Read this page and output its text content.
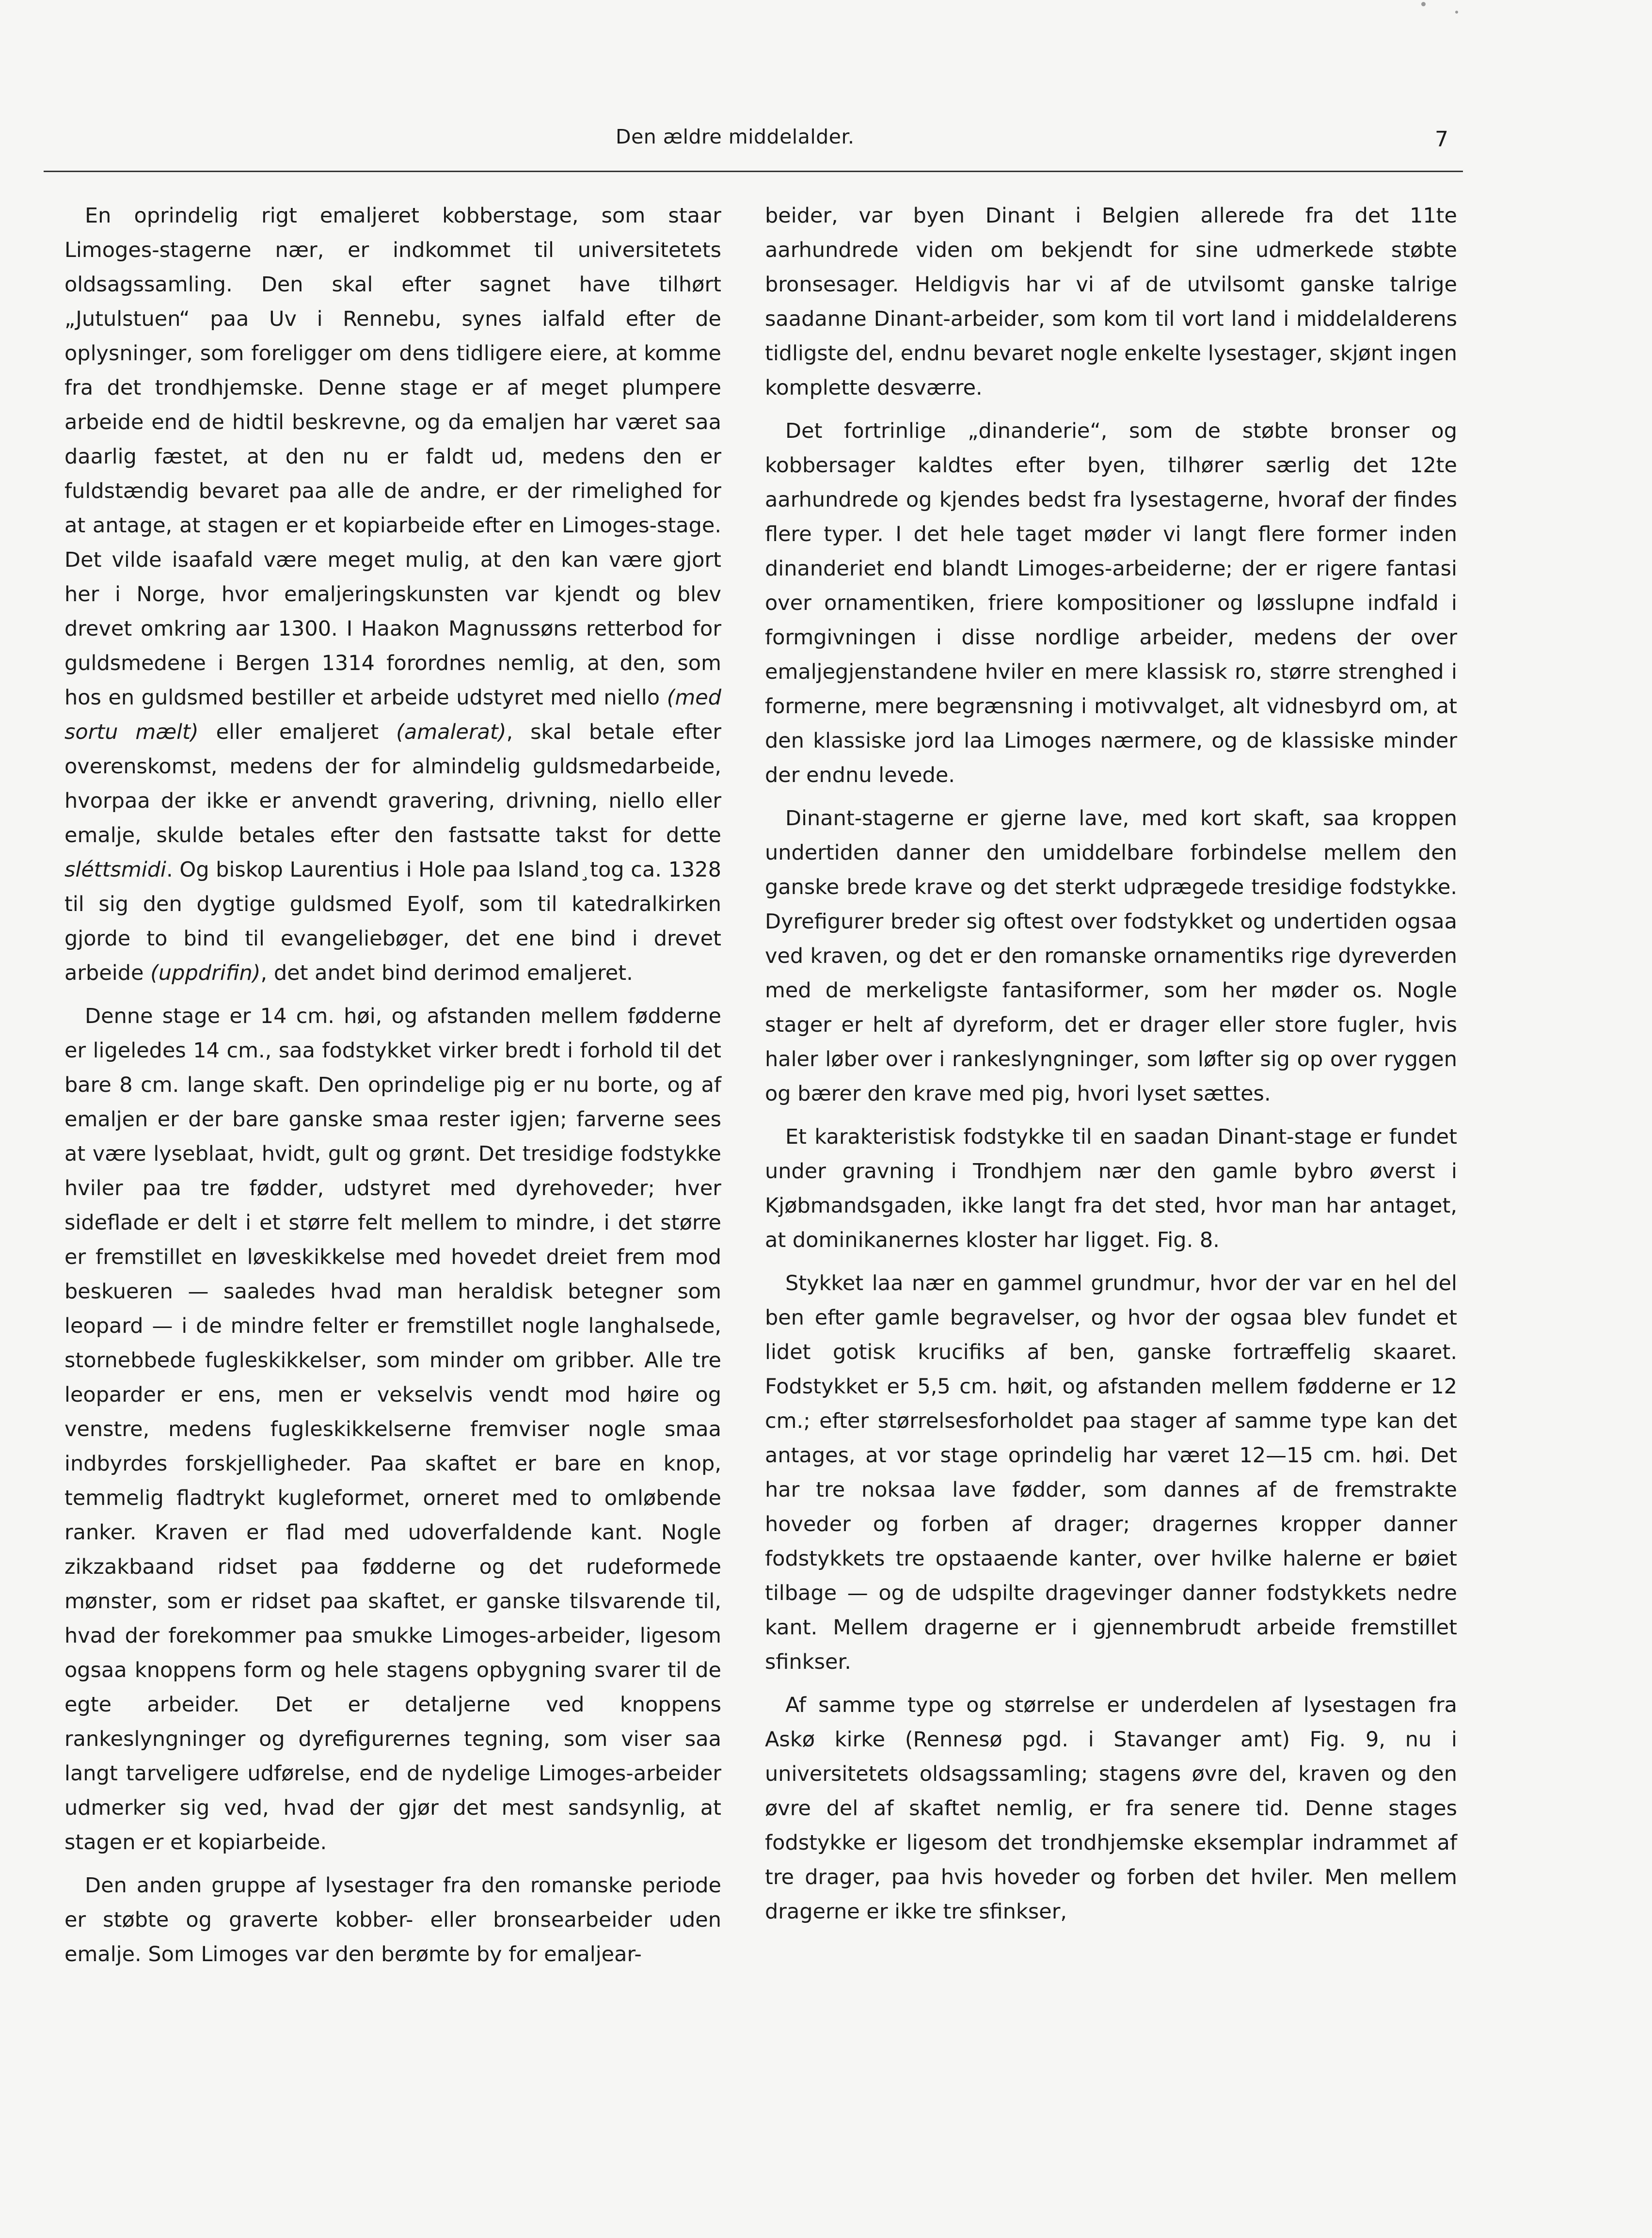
Den ældre middelalder.	7

En oprindelig rigt emaljeret kobberstage, som staar Limoges-stagerne nær, er indkommet til universitetets oldsagssamling. Den skal efter sagnet have tilhørt „Jutulstuen“ paa Uv i Rennebu, synes ialfald efter de oplysninger, som foreligger om dens tidligere eiere, at komme fra det trondhjemske. Denne stage er af meget plumpere arbeide end de hidtil beskrevne, og da emaljen har været saa daarlig fæstet, at den nu er faldt ud, medens den er fuldstændig bevaret paa alle de andre, er der rimelighed for at antage, at stagen er et kopiarbeide efter en Limoges-stage. Det vilde isaafald være meget mulig, at den kan være gjort her i Norge, hvor emaljeringskunsten var kjendt og blev drevet omkring aar 1300. I Haakon Magnussøns retterbod for guldsmedene i Bergen 1314 forordnes nemlig, at den, som hos en guldsmed bestiller et arbeide udstyret med niello (med sortu mælt) eller emaljeret (amalerat), skal betale efter overenskomst, medens der for almindelig guldsmedarbeide, hvorpaa der ikke er anvendt gravering, drivning, niello eller emalje, skulde betales efter den fastsatte takst for dette sléttsmidi. Og biskop Laurentius i Hole paa Island⁠¸tog ca. 1328 til sig den dygtige guldsmed Eyolf, som til katedralkirken gjorde to bind til evangeliebøger, det ene bind i drevet arbeide (uppdrifin), det andet bind derimod emaljeret.

Denne stage er 14 cm. høi, og afstanden mellem fødderne er ligeledes 14 cm., saa fodstykket virker bredt i forhold til det bare 8 cm. lange skaft. Den oprindelige pig er nu borte, og af emaljen er der bare ganske smaa rester igjen; farverne sees at være lyseblaat, hvidt, gult og grønt. Det tresidige fodstykke hviler paa tre fødder, udstyret med dyrehoveder; hver sideflade er delt i et større felt mellem to mindre, i det større er fremstillet en løveskikkelse med hovedet dreiet frem mod beskueren — saaledes hvad man heraldisk betegner som leopard — i de mindre felter er fremstillet nogle langhalsede, stornebbede fugleskikkelser, som minder om gribber. Alle tre leoparder er ens, men er vekselvis vendt mod høire og venstre, medens fugleskikkelserne fremviser nogle smaa indbyrdes forskjelligheder. Paa skaftet er bare en knop, temmelig fladtrykt kugleformet, orneret med to omløbende ranker. Kraven er flad med udoverfaldende kant. Nogle zikzakbaand ridset paa fødderne og det rudeformede mønster, som er ridset paa skaftet, er ganske tilsvarende til, hvad der forekommer paa smukke Limoges-arbeider, ligesom ogsaa knoppens form og hele stagens opbygning svarer til de egte arbeider. Det er detaljerne ved knoppens rankeslyngninger og dyrefigurernes tegning, som viser saa langt tarveligere udførelse, end de nydelige Limoges-arbeider udmerker sig ved, hvad der gjør det mest sandsynlig, at stagen er et kopiarbeide.

Den anden gruppe af lysestager fra den romanske periode er støbte og graverte kobber- eller bronsearbeider uden emalje. Som Limoges var den berømte by for emaljear-

beider, var byen Dinant i Belgien allerede fra det 11te aarhundrede viden om bekjendt for sine udmerkede støbte bronsesager. Heldigvis har vi af de utvilsomt ganske talrige saadanne Dinant-arbeider, som kom til vort land i middelalderens tidligste del, endnu bevaret nogle enkelte lysestager, skjønt ingen komplette desværre.

Det fortrinlige „dinanderie“, som de støbte bronser og kobbersager kaldtes efter byen, tilhører særlig det 12te aarhundrede og kjendes bedst fra lysestagerne, hvoraf der findes flere typer. I det hele taget møder vi langt flere former inden dinanderiet end blandt Limoges-arbeiderne; der er rigere fantasi over ornamentiken, friere kompositioner og løsslupne indfald i formgivningen i disse nordlige arbeider, medens der over emaljegjenstandene hviler en mere klassisk ro, større strenghed i formerne, mere begrænsning i motivvalget, alt vidnesbyrd om, at den klassiske jord laa Limoges nærmere, og de klassiske minder der endnu levede.

Dinant-stagerne er gjerne lave, med kort skaft, saa kroppen undertiden danner den umiddelbare forbindelse mellem den ganske brede krave og det sterkt udprægede tresidige fodstykke. Dyrefigurer breder sig oftest over fodstykket og undertiden ogsaa ved kraven, og det er den romanske ornamentiks rige dyreverden med de merkeligste fantasiformer, som her møder os. Nogle stager er helt af dyreform, det er drager eller store fugler, hvis haler løber over i rankeslyngninger, som løfter sig op over ryggen og bærer den krave med pig, hvori lyset sættes.

Et karakteristisk fodstykke til en saadan Dinant-stage er fundet under gravning i Trondhjem nær den gamle bybro øverst i Kjøbmandsgaden, ikke langt fra det sted, hvor man har antaget, at dominikanernes kloster har ligget. Fig. 8.

Stykket laa nær en gammel grundmur, hvor der var en hel del ben efter gamle begravelser, og hvor der ogsaa blev fundet et lidet gotisk krucifiks af ben, ganske fortræffelig skaaret. Fodstykket er 5,5 cm. høit, og afstanden mellem fødderne er 12 cm.; efter størrelsesforholdet paa stager af samme type kan det antages, at vor stage oprindelig har været 12—15 cm. høi. Det har tre noksaa lave fødder, som dannes af de fremstrakte hoveder og forben af drager; dragernes kropper danner fodstykkets tre opstaaende kanter, over hvilke halerne er bøiet tilbage — og de udspilte dragevinger danner fodstykkets nedre kant. Mellem dragerne er i gjennembrudt arbeide fremstillet sfinkser.

Af samme type og størrelse er underdelen af lysestagen fra Askø kirke (Rennesø pgd. i Stavanger amt) Fig. 9, nu i universitetets oldsagssamling; stagens øvre del, kraven og den øvre del af skaftet nemlig, er fra senere tid. Denne stages fodstykke er ligesom det trondhjemske eksemplar indrammet af tre drager, paa hvis hoveder og forben det hviler. Men mellem dragerne er ikke tre sfinkser,
